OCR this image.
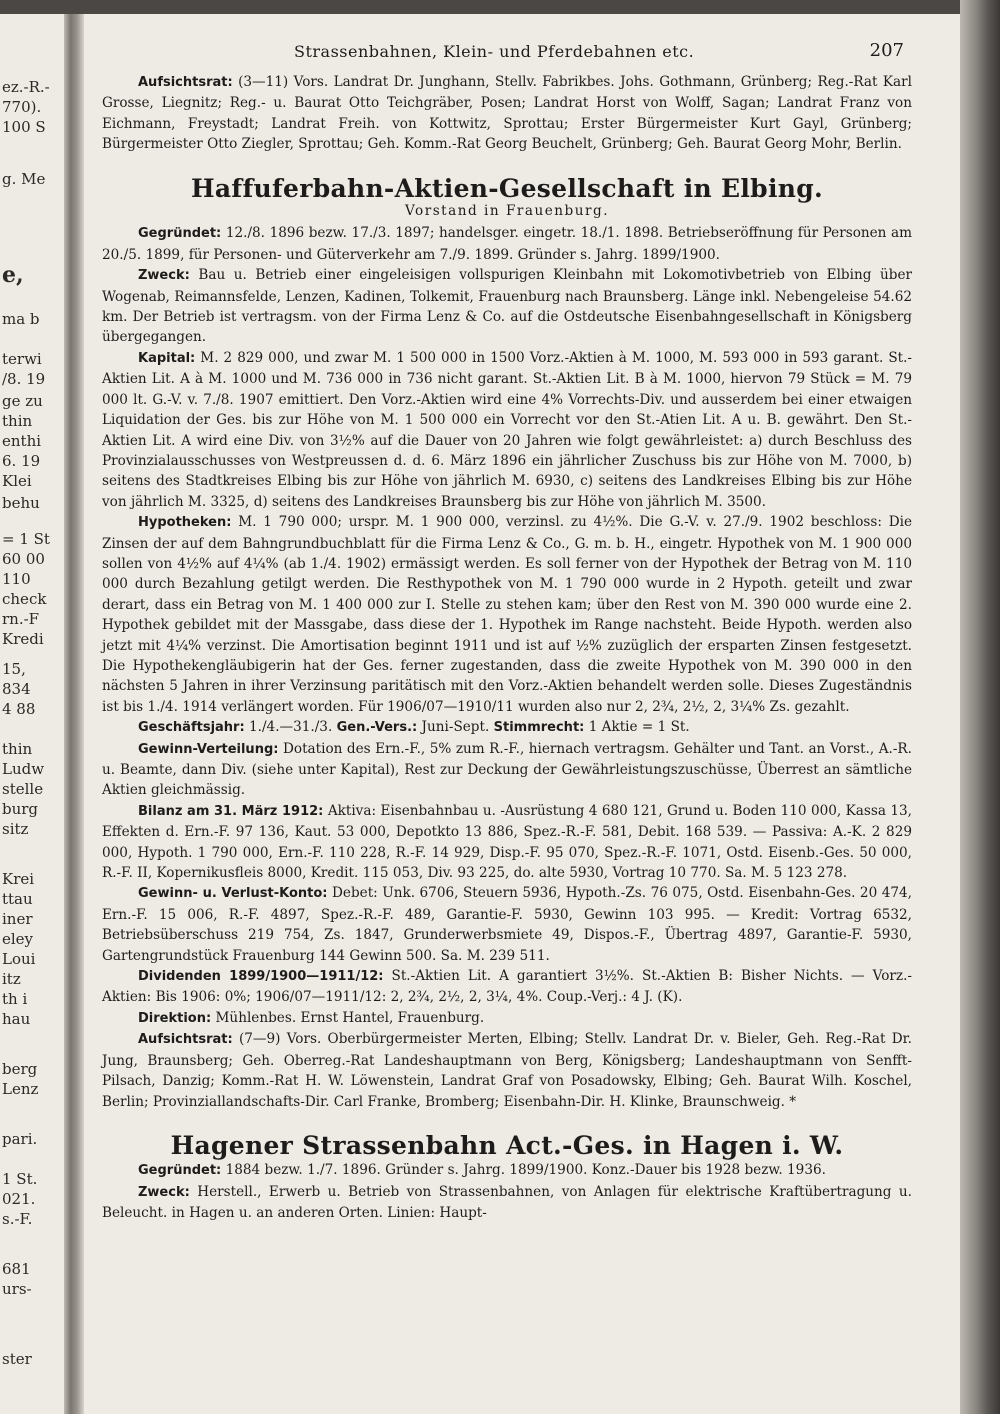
ez.-R.-
770).
100 S
g. Me
e,
ma b
terwi
/8. 19
ge zu
thin
enthi
6. 19
Klei
behu
= 1 St
60 00
110
check
rn.-F
Kredi
15,
834
4 88
thin
Ludw
stelle
burg
sitz
Krei
ttau
iner
eley
Loui
itz
th i
hau
berg
Lenz
pari.
1 St.
021.
s.-F.
681
urs-
ster
Strassenbahnen, Klein- und Pferdebahnen etc.	207

Aufsichtsrat: (3—11) Vors. Landrat Dr. Junghann, Stellv. Fabrikbes. Johs. Gothmann, Grünberg; Reg.-Rat Karl Grosse, Liegnitz; Reg.- u. Baurat Otto Teichgräber, Posen; Landrat Horst von Wolff, Sagan; Landrat Franz von Eichmann, Freystadt; Landrat Freih. von Kottwitz, Sprottau; Erster Bürgermeister Kurt Gayl, Grünberg; Bürgermeister Otto Ziegler, Sprottau; Geh. Komm.-Rat Georg Beuchelt, Grünberg; Geh. Baurat Georg Mohr, Berlin.

Haffuferbahn-Aktien-Gesellschaft in Elbing.
Vorstand in Frauenburg.

Gegründet: 12./8. 1896 bezw. 17./3. 1897; handelsger. eingetr. 18./1. 1898. Betriebseröffnung für Personen am 20./5. 1899, für Personen- und Güterverkehr am 7./9. 1899. Gründer s. Jahrg. 1899/1900.

Zweck: Bau u. Betrieb einer eingeleisigen vollspurigen Kleinbahn mit Lokomotivbetrieb von Elbing über Wogenab, Reimannsfelde, Lenzen, Kadinen, Tolkemit, Frauenburg nach Braunsberg. Länge inkl. Nebengeleise 54.62 km. Der Betrieb ist vertragsm. von der Firma Lenz & Co. auf die Ostdeutsche Eisenbahngesellschaft in Königsberg übergegangen.

Kapital: M. 2 829 000, und zwar M. 1 500 000 in 1500 Vorz.-Aktien à M. 1000, M. 593 000 in 593 garant. St.-Aktien Lit. A à M. 1000 und M. 736 000 in 736 nicht garant. St.-Aktien Lit. B à M. 1000, hiervon 79 Stück = M. 79 000 lt. G.-V. v. 7./8. 1907 emittiert. Den Vorz.-Aktien wird eine 4% Vorrechts-Div. und ausserdem bei einer etwaigen Liquidation der Ges. bis zur Höhe von M. 1 500 000 ein Vorrecht vor den St.-Atien Lit. A u. B. gewährt. Den St.-Aktien Lit. A wird eine Div. von 3½% auf die Dauer von 20 Jahren wie folgt gewährleistet: a) durch Beschluss des Provinzialausschusses von Westpreussen d. d. 6. März 1896 ein jährlicher Zuschuss bis zur Höhe von M. 7000, b) seitens des Stadtkreises Elbing bis zur Höhe von jährlich M. 6930, c) seitens des Landkreises Elbing bis zur Höhe von jährlich M. 3325, d) seitens des Landkreises Braunsberg bis zur Höhe von jährlich M. 3500.

Hypotheken: M. 1 790 000; urspr. M. 1 900 000, verzinsl. zu 4½%. Die G.-V. v. 27./9. 1902 beschloss: Die Zinsen der auf dem Bahngrundbuchblatt für die Firma Lenz & Co., G. m. b. H., eingetr. Hypothek von M. 1 900 000 sollen von 4½% auf 4¼% (ab 1./4. 1902) ermässigt werden. Es soll ferner von der Hypothek der Betrag von M. 110 000 durch Bezahlung getilgt werden. Die Resthypothek von M. 1 790 000 wurde in 2 Hypoth. geteilt und zwar derart, dass ein Betrag von M. 1 400 000 zur I. Stelle zu stehen kam; über den Rest von M. 390 000 wurde eine 2. Hypothek gebildet mit der Massgabe, dass diese der 1. Hypothek im Range nachsteht. Beide Hypoth. werden also jetzt mit 4¼% verzinst. Die Amortisation beginnt 1911 und ist auf ½% zuzüglich der ersparten Zinsen festgesetzt. Die Hypothekengläubigerin hat der Ges. ferner zugestanden, dass die zweite Hypothek von M. 390 000 in den nächsten 5 Jahren in ihrer Verzinsung paritätisch mit den Vorz.-Aktien behandelt werden solle. Dieses Zugeständnis ist bis 1./4. 1914 verlängert worden. Für 1906/07—1910/11 wurden also nur 2, 2¾, 2½, 2, 3¼% Zs. gezahlt.

Geschäftsjahr: 1./4.—31./3. Gen.-Vers.: Juni-Sept. Stimmrecht: 1 Aktie = 1 St.

Gewinn-Verteilung: Dotation des Ern.-F., 5% zum R.-F., hiernach vertragsm. Gehälter und Tant. an Vorst., A.-R. u. Beamte, dann Div. (siehe unter Kapital), Rest zur Deckung der Gewährleistungszuschüsse, Überrest an sämtliche Aktien gleichmässig.

Bilanz am 31. März 1912: Aktiva: Eisenbahnbau u. -Ausrüstung 4 680 121, Grund u. Boden 110 000, Kassa 13, Effekten d. Ern.-F. 97 136, Kaut. 53 000, Depotkto 13 886, Spez.-R.-F. 581, Debit. 168 539. — Passiva: A.-K. 2 829 000, Hypoth. 1 790 000, Ern.-F. 110 228, R.-F. 14 929, Disp.-F. 95 070, Spez.-R.-F. 1071, Ostd. Eisenb.-Ges. 50 000, R.-F. II, Kopernikusfleis 8000, Kredit. 115 053, Div. 93 225, do. alte 5930, Vortrag 10 770. Sa. M. 5 123 278.

Gewinn- u. Verlust-Konto: Debet: Unk. 6706, Steuern 5936, Hypoth.-Zs. 76 075, Ostd. Eisenbahn-Ges. 20 474, Ern.-F. 15 006, R.-F. 4897, Spez.-R.-F. 489, Garantie-F. 5930, Gewinn 103 995. — Kredit: Vortrag 6532, Betriebsüberschuss 219 754, Zs. 1847, Grunderwerbsmiete 49, Dispos.-F., Übertrag 4897, Garantie-F. 5930, Gartengrundstück Frauenburg 144 Gewinn 500. Sa. M. 239 511.

Dividenden 1899/1900—1911/12: St.-Aktien Lit. A garantiert 3½%. St.-Aktien B: Bisher Nichts. — Vorz.-Aktien: Bis 1906: 0%; 1906/07—1911/12: 2, 2¾, 2½, 2, 3¼, 4%. Coup.-Verj.: 4 J. (K).

Direktion: Mühlenbes. Ernst Hantel, Frauenburg.

Aufsichtsrat: (7—9) Vors. Oberbürgermeister Merten, Elbing; Stellv. Landrat Dr. v. Bieler, Geh. Reg.-Rat Dr. Jung, Braunsberg; Geh. Oberreg.-Rat Landeshauptmann von Berg, Königsberg; Landeshauptmann von Senfft-Pilsach, Danzig; Komm.-Rat H. W. Löwenstein, Landrat Graf von Posadowsky, Elbing; Geh. Baurat Wilh. Koschel, Berlin; Provinziallandschafts-Dir. Carl Franke, Bromberg; Eisenbahn-Dir. H. Klinke, Braunschweig. *

Hagener Strassenbahn Act.-Ges. in Hagen i. W.

Gegründet: 1884 bezw. 1./7. 1896. Gründer s. Jahrg. 1899/1900. Konz.-Dauer bis 1928 bezw. 1936.

Zweck: Herstell., Erwerb u. Betrieb von Strassenbahnen, von Anlagen für elektrische Kraftübertragung u. Beleucht. in Hagen u. an anderen Orten. Linien: Haupt-
